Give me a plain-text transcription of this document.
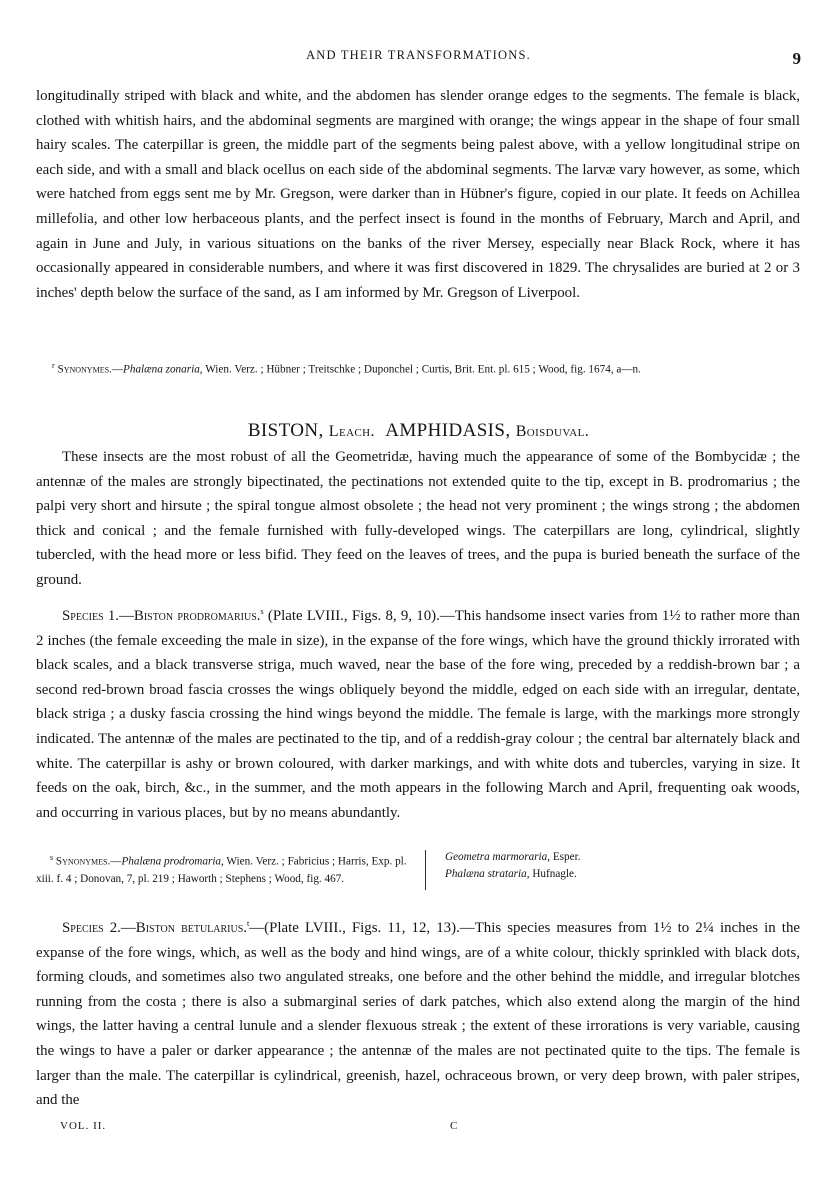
AND THEIR TRANSFORMATIONS.	9

longitudinally striped with black and white, and the abdomen has slender orange edges to the segments. The female is black, clothed with whitish hairs, and the abdominal segments are margined with orange; the wings appear in the shape of four small hairy scales. The caterpillar is green, the middle part of the segments being palest above, with a yellow longitudinal stripe on each side, and with a small and black ocellus on each side of the abdominal segments. The larvæ vary however, as some, which were hatched from eggs sent me by Mr. Gregson, were darker than in Hübner's figure, copied in our plate. It feeds on Achillea millefolia, and other low herbaceous plants, and the perfect insect is found in the months of February, March and April, and again in June and July, in various situations on the banks of the river Mersey, especially near Black Rock, where it has occasionally appeared in considerable numbers, and where it was first discovered in 1829. The chrysalides are buried at 2 or 3 inches' depth below the surface of the sand, as I am informed by Mr. Gregson of Liverpool.

$^r$ Synonymes.—Phalæna zonaria, Wien. Verz. ; Hübner ; Treitschke ; Duponchel ; Curtis, Brit. Ent. pl. 615 ; Wood, fig. 1674, a—n.

BISTON, Leach. AMPHIDASIS, Boisduval.

These insects are the most robust of all the Geometridæ, having much the appearance of some of the Bombycidæ ; the antennæ of the males are strongly bipectinated, the pectinations not extended quite to the tip, except in B. prodromarius ; the palpi very short and hirsute ; the spiral tongue almost obsolete ; the head not very prominent ; the wings strong ; the abdomen thick and conical ; and the female furnished with fully-developed wings. The caterpillars are long, cylindrical, slightly tubercled, with the head more or less bifid. They feed on the leaves of trees, and the pupa is buried beneath the surface of the ground.

Species 1.—Biston prodromarius.$^s$ (Plate LVIII., Figs. 8, 9, 10).—This handsome insect varies from 1½ to rather more than 2 inches (the female exceeding the male in size), in the expanse of the fore wings, which have the ground thickly irrorated with black scales, and a black transverse striga, much waved, near the base of the fore wing, preceded by a reddish-brown bar ; a second red-brown broad fascia crosses the wings obliquely beyond the middle, edged on each side with an irregular, dentate, black striga ; a dusky fascia crossing the hind wings beyond the middle. The female is large, with the markings more strongly indicated. The antennæ of the males are pectinated to the tip, and of a reddish-gray colour ; the central bar alternately black and white. The caterpillar is ashy or brown coloured, with darker markings, and with white dots and tubercles, varying in size. It feeds on the oak, birch, &c., in the summer, and the moth appears in the following March and April, frequenting oak woods, and occurring in various places, but by no means abundantly.

$^s$ Synonymes.—Phalæna prodromaria, Wien. Verz. ; Fabricius ; Harris, Exp. pl. xiii. f. 4 ; Donovan, 7, pl. 219 ; Haworth ; Stephens ; Wood, fig. 467.

Geometra marmoraria, Esper.
Phalæna strataria, Hufnagle.

Species 2.—Biston betularius.$^t$—(Plate LVIII., Figs. 11, 12, 13).—This species measures from 1½ to 2¼ inches in the expanse of the fore wings, which, as well as the body and hind wings, are of a white colour, thickly sprinkled with black dots, forming clouds, and sometimes also two angulated streaks, one before and the other behind the middle, and irregular blotches running from the costa ; there is also a submarginal series of dark patches, which also extend along the margin of the hind wings, the latter having a central lunule and a slender flexuous streak ; the extent of these irrorations is very variable, causing the wings to have a paler or darker appearance ; the antennæ of the males are not pectinated quite to the tips. The female is larger than the male. The caterpillar is cylindrical, greenish, hazel, ochraceous brown, or very deep brown, with paler stripes, and the

VOL. II.	C
